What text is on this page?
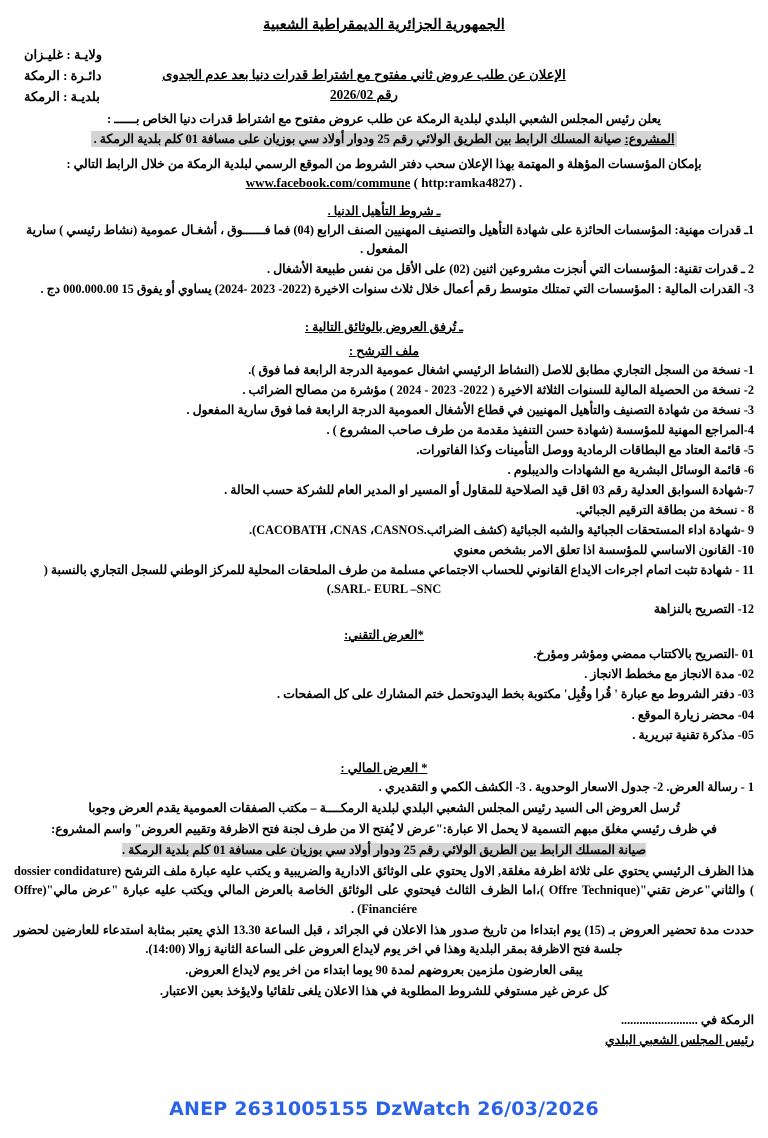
الجمهورية الجزائرية الديمقراطية الشعبية
ولايـة : غليـزان
دائـرة : الرمكة
بلديـة : الرمكة
الإعلان عن طلب عروض ثاني مفتوح مع اشتراط قدرات دنيا بعد عدم الجدوى
رقم 2026/02
يعلن رئيس المجلس الشعبي البلدي لبلدية الرمكة عن طلب عروض مفتوح مع اشتراط قدرات دنيا الخاص بــــــ :
المشروع: صيانة المسلك الرابط بين الطريق الولائي رقم 25 ودوار أولاد سي بوزيان على مسافة 01 كلم بلدية الرمكة .
بإمكان المؤسسات المؤهلة و المهتمة بهذا الإعلان سحب دفتر الشروط من الموقع الرسمي لبلدية الرمكة من خلال الرابط التالي :
www.facebook.com/commune ( http:ramka4827) .
ـ شروط التأهيل الدنيا .
1ـ قدرات مهنية: المؤسسات الحائزة على شهادة التأهيل والتصنيف المهنيين الصنف الرابع (04) فما فــــــوق ، أشغـال عمومية (نشاط رئيسي ) سارية المفعول .
2 ـ قدرات تقنية: المؤسسات التي أنجزت مشروعين اثنين (02) على الأقل من نفس طبيعة الأشغال .
3- القدرات المالية : المؤسسات التي تمتلك متوسط رقم أعمال خلال ثلاث سنوات الاخيرة (2022- 2023 -2024) يساوي أو يفوق 15 000.000.00 دج .
ـ تُرفق العروض بالوثائق التالية :
ملف الترشح :
1- نسخة من السجل التجاري مطابق للاصل (النشاط الرئيسي اشغال عمومية الدرجة الرابعة فما فوق ).
2- نسخة من الحصيلة المالية للسنوات الثلاثة الاخيرة ( 2022- 2023 - 2024 ) مؤشرة من مصالح الضرائب .
3- نسخة من شهادة التصنيف والتأهيل المهنيين في قطاع الأشغال العمومية الدرجة الرابعة فما فوق سارية المفعول .
4-المراجع المهنية للمؤسسة (شهادة حسن التنفيذ مقدمة من طرف صاحب المشروع ) .
5- قائمة العتاد مع البطاقات الرمادية ووصل التأمينات وكذا الفاتورات.
6- قائمة الوسائل البشرية مع الشهادات والديبلوم .
7-شهادة السوابق العدلية رقم 03 اقل قيد الصلاحية للمقاول أو المسير او المدير العام للشركة حسب الحالة .
8 - نسخة من بطاقة الترقيم الجبائي.
9 -شهادة اداء المستحقات الجبائية والشبه الجبائية (كشف الضرائب.CACOBATH ،CNAS ،CASNOS).
10- القانون الاساسي للمؤسسة اذا تعلق الامر بشخص معنوي
11 - شهادة تثبت اتمام اجرءات الايداع القانوني للحساب الاجتماعي مسلمة من طرف الملحقات المحلية للمركز الوطني للسجل التجاري بالنسبة ( SARL- EURL –SNC.)
12- التصريح بالنزاهة
*العرض التقني:
01 -التصريح بالاكتتاب ممضي ومؤشر ومؤرخ.
02- مدة الانجاز مع مخطط الانجاز .
03- دفتر الشروط مع عبارة ' قُرا وقُبِل' مكتوبة بخط اليدوتحمل ختم المشارك على كل الصفحات .
04- محضر زيارة الموقع .
05- مذكرة تقنية تبريرية .
* العرض المالي :
1 - رسالة العرض. 2- جدول الاسعار الوحدوية . 3- الكشف الكمي و التقديري .
تُرسل العروض الى السيد رئيس المجلس الشعبي البلدي لبلدية الرمكــــة – مكتب الصفقات العمومية يقدم العرض وجوبا
في ظرف رئيسي مغلق مبهم التسمية لا يحمل الا عبارة:"عرض لا يُفتح الا من طرف لجنة فتح الاظرفة وتقييم العروض" واسم المشروع:
صيانة المسلك الرابط بين الطريق الولائي رقم 25 ودوار أولاد سي بوزيان على مسافة 01 كلم بلدية الرمكة .
هذا الظرف الرئيسي يحتوي على ثلاثة اظرفة مغلقة, الاول يحتوي على الوثائق الادارية والضريبية و يكتب عليه عبارة ملف الترشح (dossier condidature ) والثاني"عرض تقني"(Offre Technique )،اما الظرف الثالث فيحتوي على الوثائق الخاصة بالعرض المالي ويكتب عليه عبارة "عرض مالي"(Offre Financiére) .
حددت مدة تحضير العروض بـ (15) يوم ابتداءا من تاريخ صدور هذا الاعلان في الجرائد ، قبل الساعة 13.30 الذي يعتبر بمثابة استدعاء للعارضين لحضور جلسة فتح الاظرفة بمقر البلدية وهذا في اخر يوم لايداع العروض على الساعة الثانية زوالا (14:00).
يبقى العارضون ملزمين بعروضهم لمدة 90 يوما ابتداء من اخر يوم لايداع العروض.
كل عرض غير مستوفي للشروط المطلوبة في هذا الاعلان يلغى تلقائيا ولايؤخذ بعين الاعتبار.
الرمكة في .........................
رئيس المجلس الشعبي البلدي
ANEP 2631005155 DzWatch 26/03/2026
